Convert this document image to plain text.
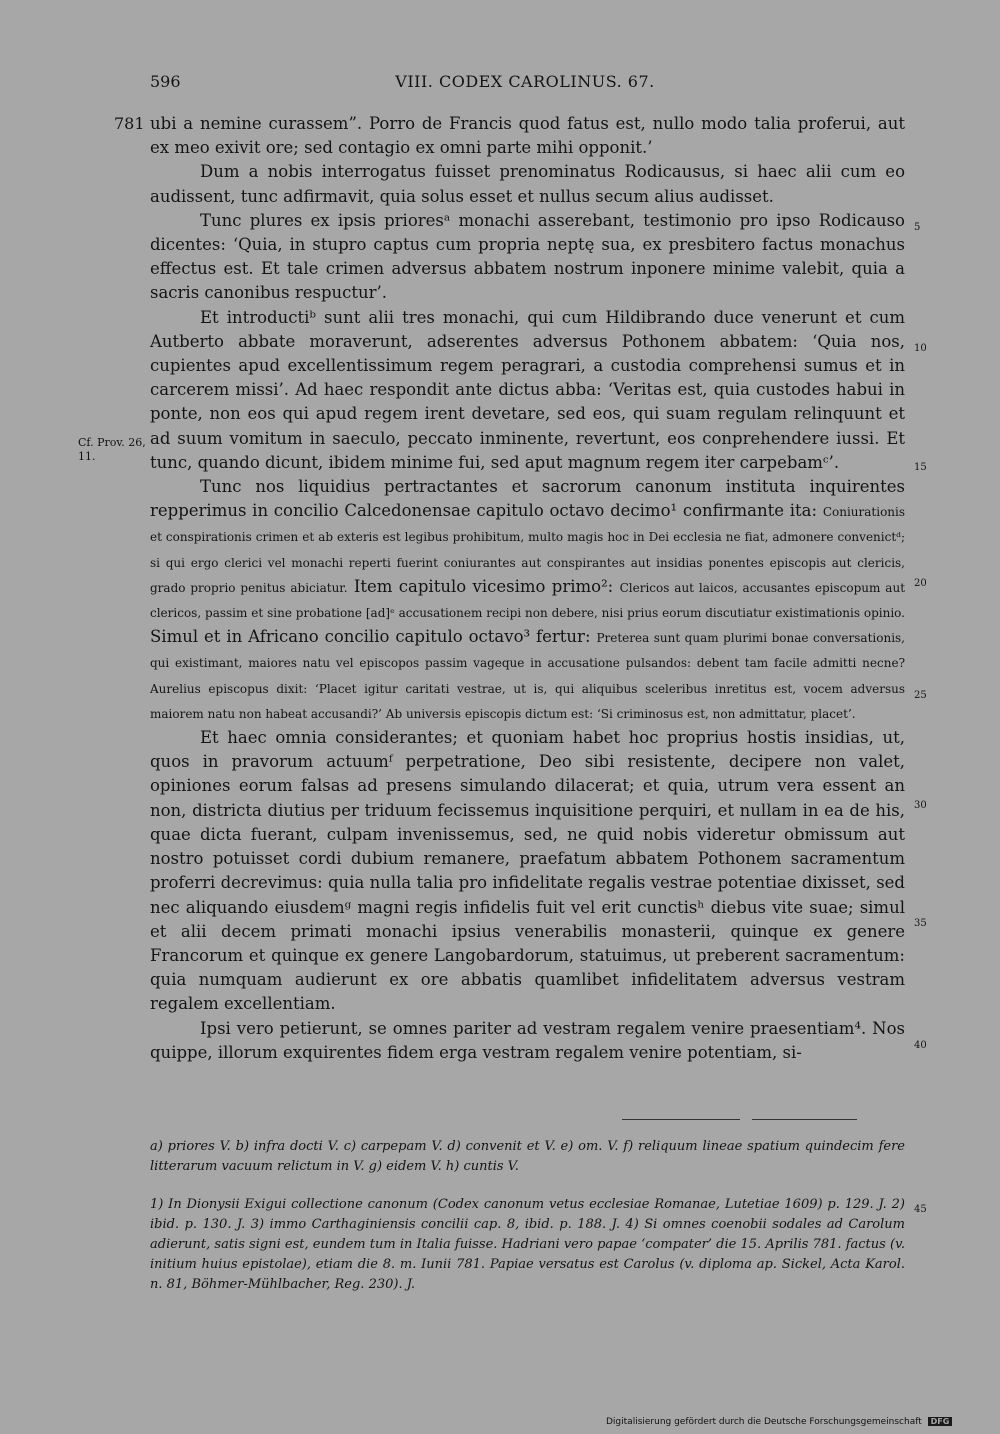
596	VIII. CODEX CAROLINUS. 67.
781
Cf. Prov. 26, 11.
5
10
15
20
25
30
35
40
45

ubi a nemine curassem”. Porro de Francis quod fatus est, nullo modo talia proferui, aut ex meo exivit ore; sed contagio ex omni parte mihi opponit.’

Dum a nobis interrogatus fuisset prenominatus Rodicausus, si haec alii cum eo audissent, tunc adfirmavit, quia solus esset et nullus secum alius audisset.

Tunc plures ex ipsis prioresᵃ monachi asserebant, testimonio pro ipso Rodicauso dicentes: ‘Quia, in stupro captus cum propria neptę sua, ex presbitero factus monachus effectus est. Et tale crimen adversus abbatem nostrum inponere minime valebit, quia a sacris canonibus respuctur’.

Et introductiᵇ sunt alii tres monachi, qui cum Hildibrando duce venerunt et cum Autberto abbate moraverunt, adserentes adversus Pothonem abbatem: ‘Quia nos, cupientes apud excellentissimum regem peragrari, a custodia comprehensi sumus et in carcerem missi’. Ad haec respondit ante dictus abba: ‘Veritas est, quia custodes habui in ponte, non eos qui apud regem irent devetare, sed eos, qui suam regulam relinquunt et ad suum vomitum in saeculo, peccato inminente, revertunt, eos conprehendere iussi. Et tunc, quando dicunt, ibidem minime fui, sed aput magnum regem iter carpebamᶜ’.

Tunc nos liquidius pertractantes et sacrorum canonum instituta inquirentes repperimus in concilio Calcedonensae capitulo octavo decimo¹ confirmante ita: Coniurationis et conspirationis crimen et ab exteris est legibus prohibitum, multo magis hoc in Dei ecclesia ne fiat, admonere convenictᵈ; si qui ergo clerici vel monachi reperti fuerint coniurantes aut conspirantes aut insidias ponentes episcopis aut clericis, grado proprio penitus abiciatur. Item capitulo vicesimo primo²: Clericos aut laicos, accusantes episcopum aut clericos, passim et sine probatione [ad]ᵉ accusationem recipi non debere, nisi prius eorum discutiatur existimationis opinio. Simul et in Africano concilio capitulo octavo³ fertur: Preterea sunt quam plurimi bonae conversationis, qui existimant, maiores natu vel episcopos passim vageque in accusatione pulsandos: debent tam facile admitti necne? Aurelius episcopus dixit: ‘Placet igitur caritati vestrae, ut is, qui aliquibus sceleribus inretitus est, vocem adversus maiorem natu non habeat accusandi?’ Ab universis episcopis dictum est: ‘Si criminosus est, non admittatur, placet’.

Et haec omnia considerantes; et quoniam habet hoc proprius hostis insidias, ut, quos in pravorum actuumᶠ perpetratione, Deo sibi resistente, decipere non valet, opiniones eorum falsas ad presens simulando dilacerat; et quia, utrum vera essent an non, districta diutius per triduum fecissemus inquisitione perquiri, et nullam in ea de his, quae dicta fuerant, culpam invenissemus, sed, ne quid nobis videretur obmissum aut nostro potuisset cordi dubium remanere, praefatum abbatem Pothonem sacramentum proferri decrevimus: quia nulla talia pro infidelitate regalis vestrae potentiae dixisset, sed nec aliquando eiusdemᵍ magni regis infidelis fuit vel erit cunctisʰ diebus vite suae; simul et alii decem primati monachi ipsius venerabilis monasterii, quinque ex genere Francorum et quinque ex genere Langobardorum, statuimus, ut preberent sacramentum: quia numquam audierunt ex ore abbatis quamlibet infidelitatem adversus vestram regalem excellentiam.

Ipsi vero petierunt, se omnes pariter ad vestram regalem venire praesentiam⁴. Nos quippe, illorum exquirentes fidem erga vestram regalem venire potentiam, si-

a) priores V. b) infra docti V. c) carpepam V. d) convenit et V. e) om. V. f) reliquum lineae spatium quindecim fere litterarum vacuum relictum in V. g) eidem V. h) cuntis V.
1) In Dionysii Exigui collectione canonum (Codex canonum vetus ecclesiae Romanae, Lutetiae 1609) p. 129. J. 2) ibid. p. 130. J. 3) immo Carthaginiensis concilii cap. 8, ibid. p. 188. J. 4) Si omnes coenobii sodales ad Carolum adierunt, satis signi est, eundem tum in Italia fuisse. Hadriani vero papae ‘compater’ die 15. Aprilis 781. factus (v. initium huius epistolae), etiam die 8. m. Iunii 781. Papiae versatus est Carolus (v. diploma ap. Sickel, Acta Karol. n. 81, Böhmer-Mühlbacher, Reg. 230). J.
Digitalisierung gefördert durch die Deutsche Forschungsgemeinschaft DFG
